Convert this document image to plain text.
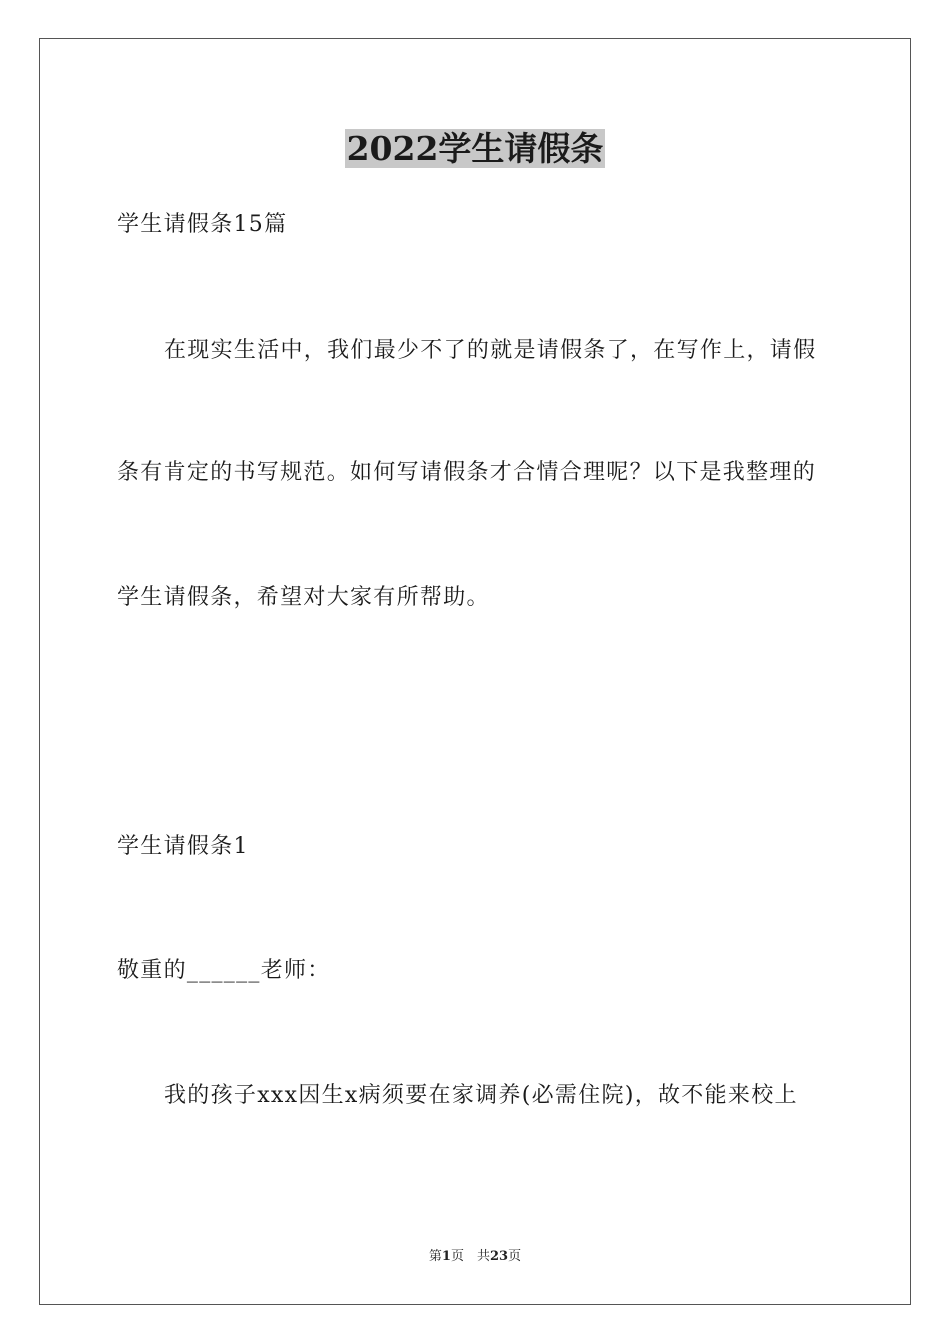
2022学生请假条
学生请假条15篇
在现实生活中，我们最少不了的就是请假条了，在写作上，请假
条有肯定的书写规范。如何写请假条才合情合理呢？以下是我整理的
学生请假条，希望对大家有所帮助。
学生请假条1
敬重的______老师：
我的孩子xxx因生x病须要在家调养(必需住院)，故不能来校上
第1页　共23页
